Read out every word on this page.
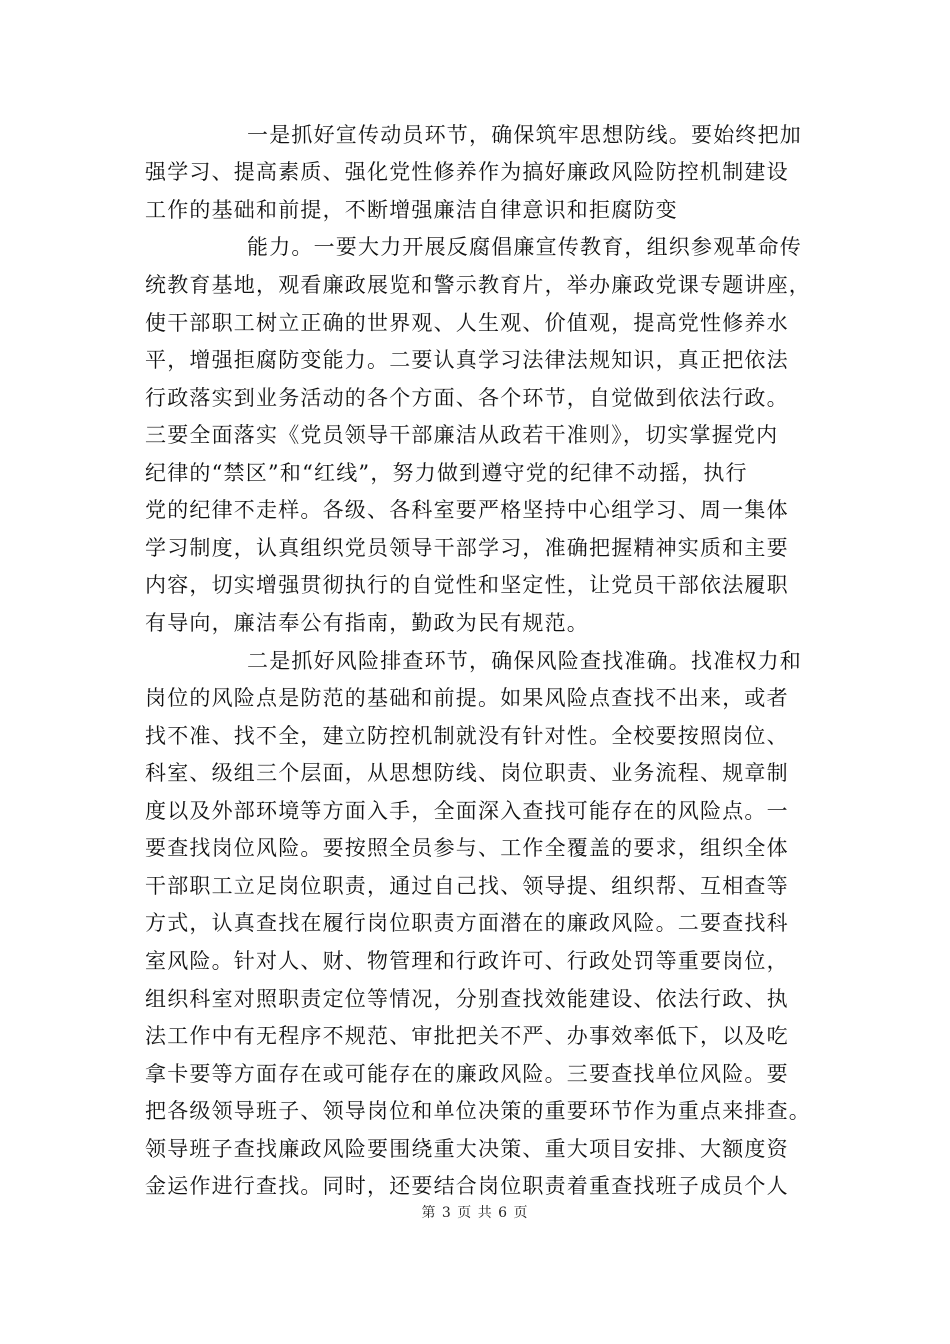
一是抓好宣传动员环节，确保筑牢思想防线。要始终把加
强学习、提高素质、强化党性修养作为搞好廉政风险防控机制建设
工作的基础和前提，不断增强廉洁自律意识和拒腐防变
能力。一要大力开展反腐倡廉宣传教育，组织参观革命传
统教育基地，观看廉政展览和警示教育片，举办廉政党课专题讲座，
使干部职工树立正确的世界观、人生观、价值观，提高党性修养水
平，增强拒腐防变能力。二要认真学习法律法规知识，真正把依法
行政落实到业务活动的各个方面、各个环节，自觉做到依法行政。
三要全面落实《党员领导干部廉洁从政若干准则》，切实掌握党内
纪律的“禁区”和“红线”，努力做到遵守党的纪律不动摇，执行
党的纪律不走样。各级、各科室要严格坚持中心组学习、周一集体
学习制度，认真组织党员领导干部学习，准确把握精神实质和主要
内容，切实增强贯彻执行的自觉性和坚定性，让党员干部依法履职
有导向，廉洁奉公有指南，勤政为民有规范。
二是抓好风险排查环节，确保风险查找准确。找准权力和
岗位的风险点是防范的基础和前提。如果风险点查找不出来，或者
找不准、找不全，建立防控机制就没有针对性。全校要按照岗位、
科室、级组三个层面，从思想防线、岗位职责、业务流程、规章制
度以及外部环境等方面入手，全面深入查找可能存在的风险点。一
要查找岗位风险。要按照全员参与、工作全覆盖的要求，组织全体
干部职工立足岗位职责，通过自己找、领导提、组织帮、互相查等
方式，认真查找在履行岗位职责方面潜在的廉政风险。二要查找科
室风险。针对人、财、物管理和行政许可、行政处罚等重要岗位，
组织科室对照职责定位等情况，分别查找效能建设、依法行政、执
法工作中有无程序不规范、审批把关不严、办事效率低下，以及吃
拿卡要等方面存在或可能存在的廉政风险。三要查找单位风险。要
把各级领导班子、领导岗位和单位决策的重要环节作为重点来排查。
领导班子查找廉政风险要围绕重大决策、重大项目安排、大额度资
金运作进行查找。同时，还要结合岗位职责着重查找班子成员个人
第 3 页 共 6 页
